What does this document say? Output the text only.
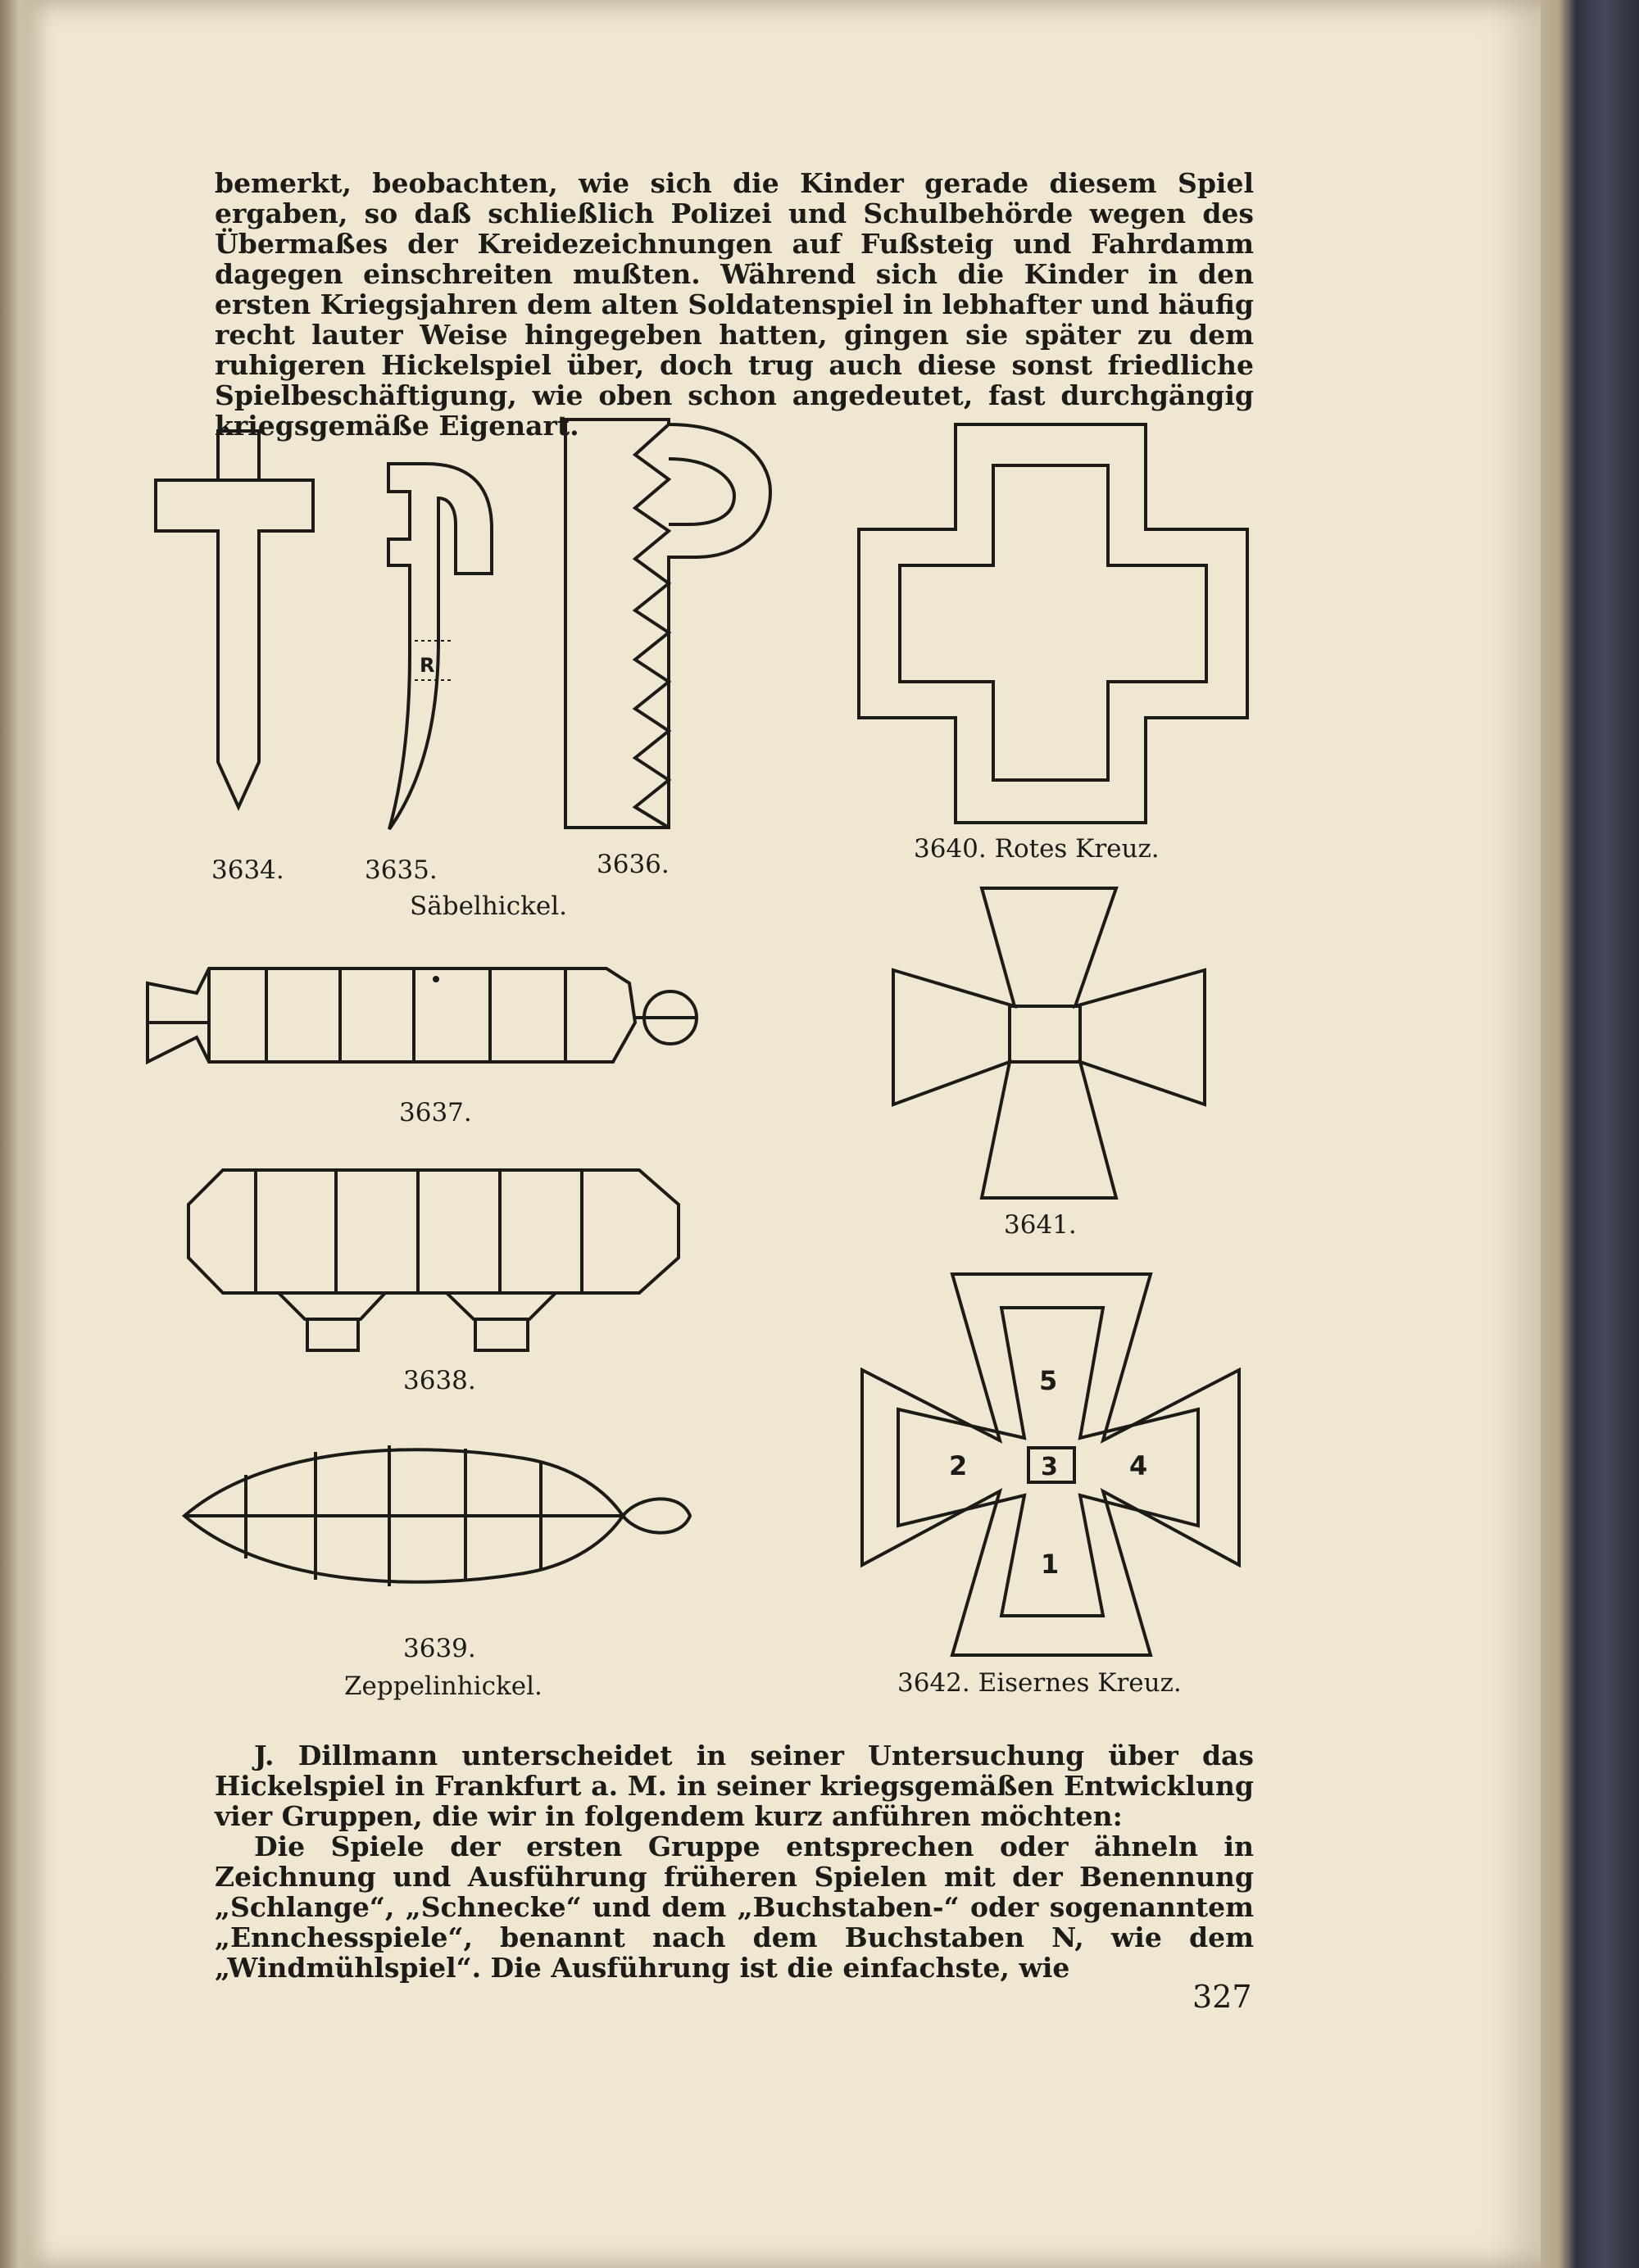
bemerkt, beobachten, wie sich die Kinder gerade diesem Spiel ergaben, so daß schließlich Polizei und Schulbehörde wegen des Übermaßes der Kreidezeichnungen auf Fußsteig und Fahrdamm dagegen einschreiten mußten. Während sich die Kinder in den ersten Kriegsjahren dem alten Soldatenspiel in lebhafter und häufig recht lauter Weise hingegeben hatten, gingen sie später zu dem ruhigeren Hickelspiel über, doch trug auch diese sonst friedliche Spielbeschäftigung, wie oben schon angedeutet, fast durchgängig kriegsgemäße Eigenart.

R
5
2	3	4
1
3634.	3635.	3636.
Säbelhickel.
3640. Rotes Kreuz.
3637.
3641.
3638.
3639.
Zeppelinhickel.	3642. Eisernes Kreuz.

J. Dillmann unterscheidet in seiner Untersuchung über das Hickelspiel in Frankfurt a. M. in seiner kriegsgemäßen Entwicklung vier Gruppen, die wir in folgendem kurz anführen möchten:

Die Spiele der ersten Gruppe entsprechen oder ähneln in Zeichnung und Ausführung früheren Spielen mit der Benennung „Schlange“, „Schnecke“ und dem „Buchstaben-“ oder sogenanntem „Ennchesspiele“, benannt nach dem Buchstaben N, wie dem „Windmühlspiel“. Die Ausführung ist die einfachste, wie

327
